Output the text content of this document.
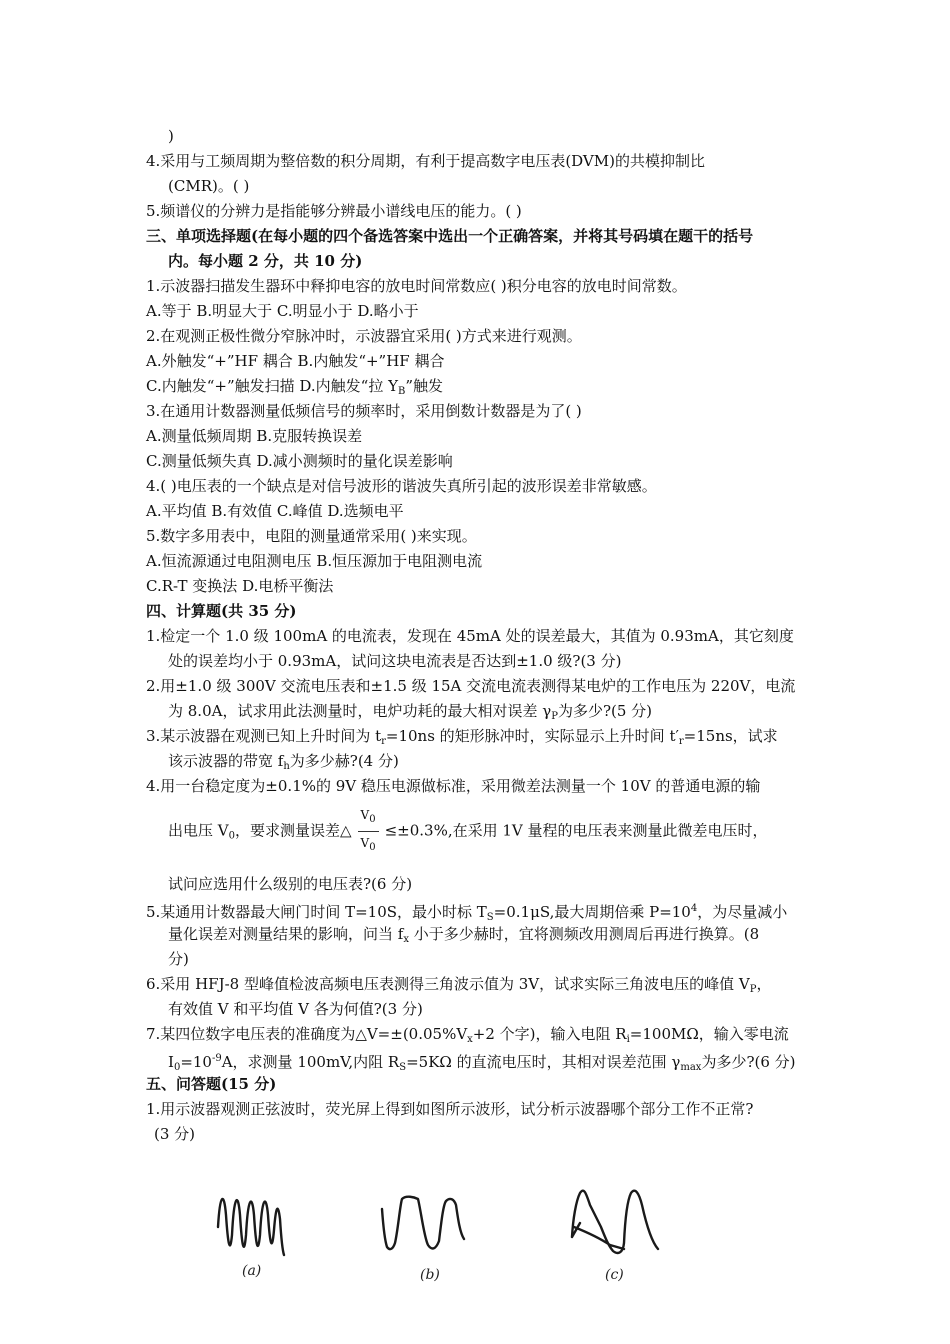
)
4.采用与工频周期为整倍数的积分周期，有利于提高数字电压表(DVM)的共模抑制比
(CMR)。( )
5.频谱仪的分辨力是指能够分辨最小谱线电压的能力。( )
三、单项选择题(在每小题的四个备选答案中选出一个正确答案，并将其号码填在题干的括号
内。每小题 2 分，共 10 分)
1.示波器扫描发生器环中释抑电容的放电时间常数应( )积分电容的放电时间常数。
A.等于 B.明显大于 C.明显小于 D.略小于
2.在观测正极性微分窄脉冲时，示波器宜采用( )方式来进行观测。
A.外触发“+”HF 耦合 B.内触发“+”HF 耦合
C.内触发“+”触发扫描 D.内触发“拉 $Y_B$”触发
3.在通用计数器测量低频信号的频率时，采用倒数计数器是为了( )
A.测量低频周期 B.克服转换误差
C.测量低频失真 D.减小测频时的量化误差影响
4.( )电压表的一个缺点是对信号波形的谐波失真所引起的波形误差非常敏感。
A.平均值 B.有效值 C.峰值 D.选频电平
5.数字多用表中，电阻的测量通常采用( )来实现。
A.恒流源通过电阻测电压 B.恒压源加于电阻测电流
C.R-T 变换法 D.电桥平衡法
四、计算题(共 35 分)
1.检定一个 1.0 级 100mA 的电流表，发现在 45mA 处的误差最大，其值为 0.93mA，其它刻度
处的误差均小于 0.93mA，试问这块电流表是否达到±1.0 级?(3 分)
2.用±1.0 级 300V 交流电压表和±1.5 级 15A 交流电流表测得某电炉的工作电压为 220V，电流
为 8.0A，试求用此法测量时，电炉功耗的最大相对误差 $\gamma_P$为多少?(5 分)
3.某示波器在观测已知上升时间为 $t_r=10ns$ 的矩形脉冲时，实际显示上升时间 $t'_r=15ns$，试求
该示波器的带宽 $f_h$为多少赫?(4 分)
4.用一台稳定度为±0.1%的 9V 稳压电源做标准，采用微差法测量一个 10V 的普通电源的输
出电压 $V_0$，要求测量误差△ $\frac{V_0}{V_0} \le\pm 0.3\%$,在采用 1V 量程的电压表来测量此微差电压时，
试问应选用什么级别的电压表?(6 分)
5.某通用计数器最大闸门时间 T=10S，最小时标 $T_S=0.1\mu S$,最大周期倍乘 $P=10^4$，为尽量减小
量化误差对测量结果的影响，问当 $f_x$ 小于多少赫时，宜将测频改用测周后再进行换算。(8
分)
6.采用 HFJ-8 型峰值检波高频电压表测得三角波示值为 3V，试求实际三角波电压的峰值 $V_P$，
有效值 V 和平均值 V 各为何值?(3 分)
7.某四位数字电压表的准确度为$\triangle V=\pm(0.05\%V_x+2$ 个字)，输入电阻 $R_i=100M\Omega$，输入零电流
$I_0=10^{-9}A$，求测量 100mV,内阻 $R_S=5K\Omega$ 的直流电压时，其相对误差范围 $\gamma_{max}$为多少?(6 分)
五、问答题(15 分)
1.用示波器观测正弦波时，荧光屏上得到如图所示波形，试分析示波器哪个部分工作不正常?
(3 分)
(a)	(b)	(c)
